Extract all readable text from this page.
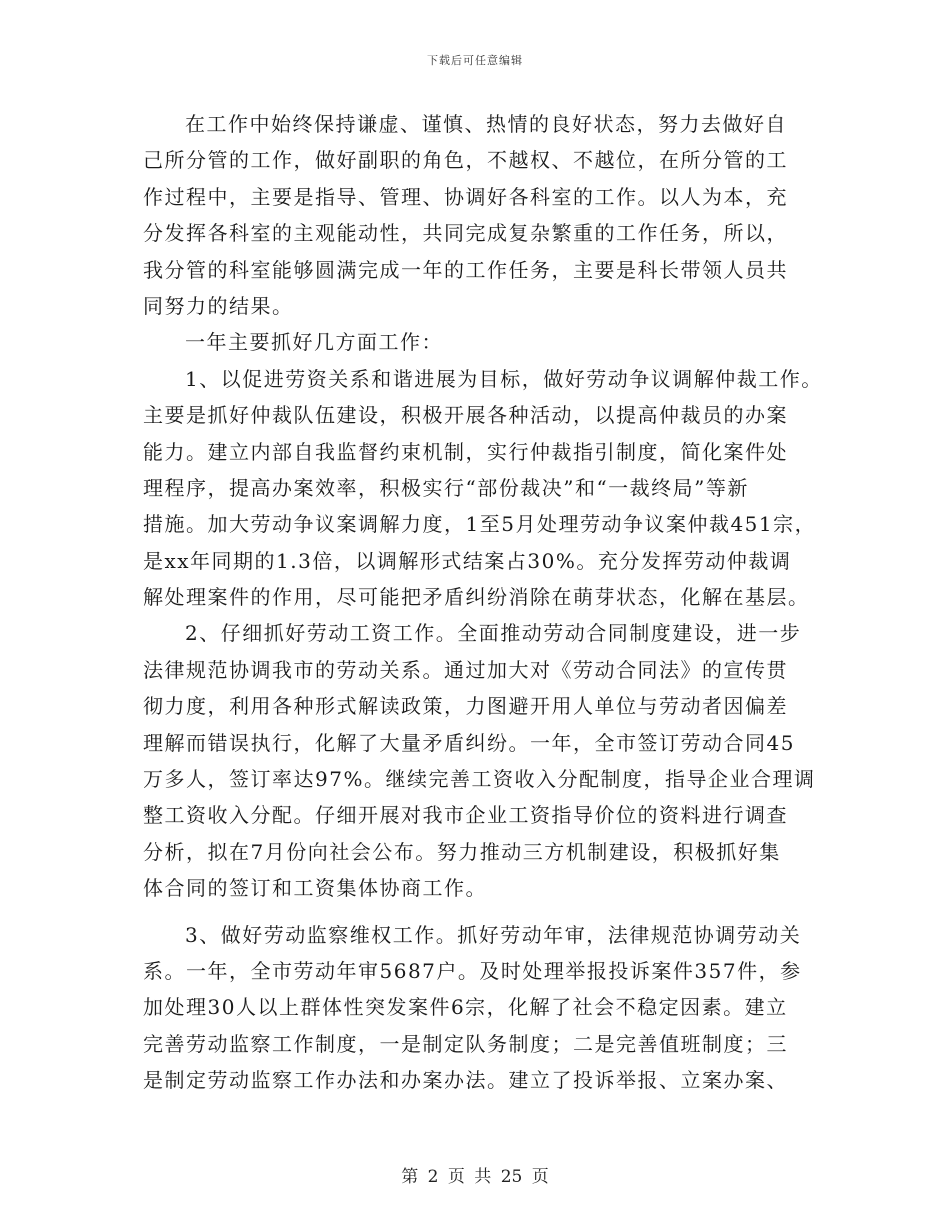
下载后可任意编辑
在工作中始终保持谦虚、谨慎、热情的良好状态，努力去做好自
己所分管的工作，做好副职的角色，不越权、不越位，在所分管的工
作过程中，主要是指导、管理、协调好各科室的工作。以人为本，充
分发挥各科室的主观能动性，共同完成复杂繁重的工作任务，所以，
我分管的科室能够圆满完成一年的工作任务，主要是科长带领人员共
同努力的结果。
一年主要抓好几方面工作：
1、以促进劳资关系和谐进展为目标，做好劳动争议调解仲裁工作。
主要是抓好仲裁队伍建设，积极开展各种活动，以提高仲裁员的办案
能力。建立内部自我监督约束机制，实行仲裁指引制度，简化案件处
理程序，提高办案效率，积极实行“部份裁决”和“一裁终局”等新
措施。加大劳动争议案调解力度，1至5月处理劳动争议案仲裁451宗，
是xx年同期的1.3倍，以调解形式结案占30%。充分发挥劳动仲裁调
解处理案件的作用，尽可能把矛盾纠纷消除在萌芽状态，化解在基层。
2、仔细抓好劳动工资工作。全面推动劳动合同制度建设，进一步
法律规范协调我市的劳动关系。通过加大对《劳动合同法》的宣传贯
彻力度，利用各种形式解读政策，力图避开用人单位与劳动者因偏差
理解而错误执行，化解了大量矛盾纠纷。一年，全市签订劳动合同45
万多人，签订率达97%。继续完善工资收入分配制度，指导企业合理调
整工资收入分配。仔细开展对我市企业工资指导价位的资料进行调查
分析，拟在7月份向社会公布。努力推动三方机制建设，积极抓好集
体合同的签订和工资集体协商工作。
3、做好劳动监察维权工作。抓好劳动年审，法律规范协调劳动关
系。一年，全市劳动年审5687户。及时处理举报投诉案件357件，参
加处理30人以上群体性突发案件6宗，化解了社会不稳定因素。建立
完善劳动监察工作制度，一是制定队务制度；二是完善值班制度；三
是制定劳动监察工作办法和办案办法。建立了投诉举报、立案办案、
第 2 页 共 25 页
